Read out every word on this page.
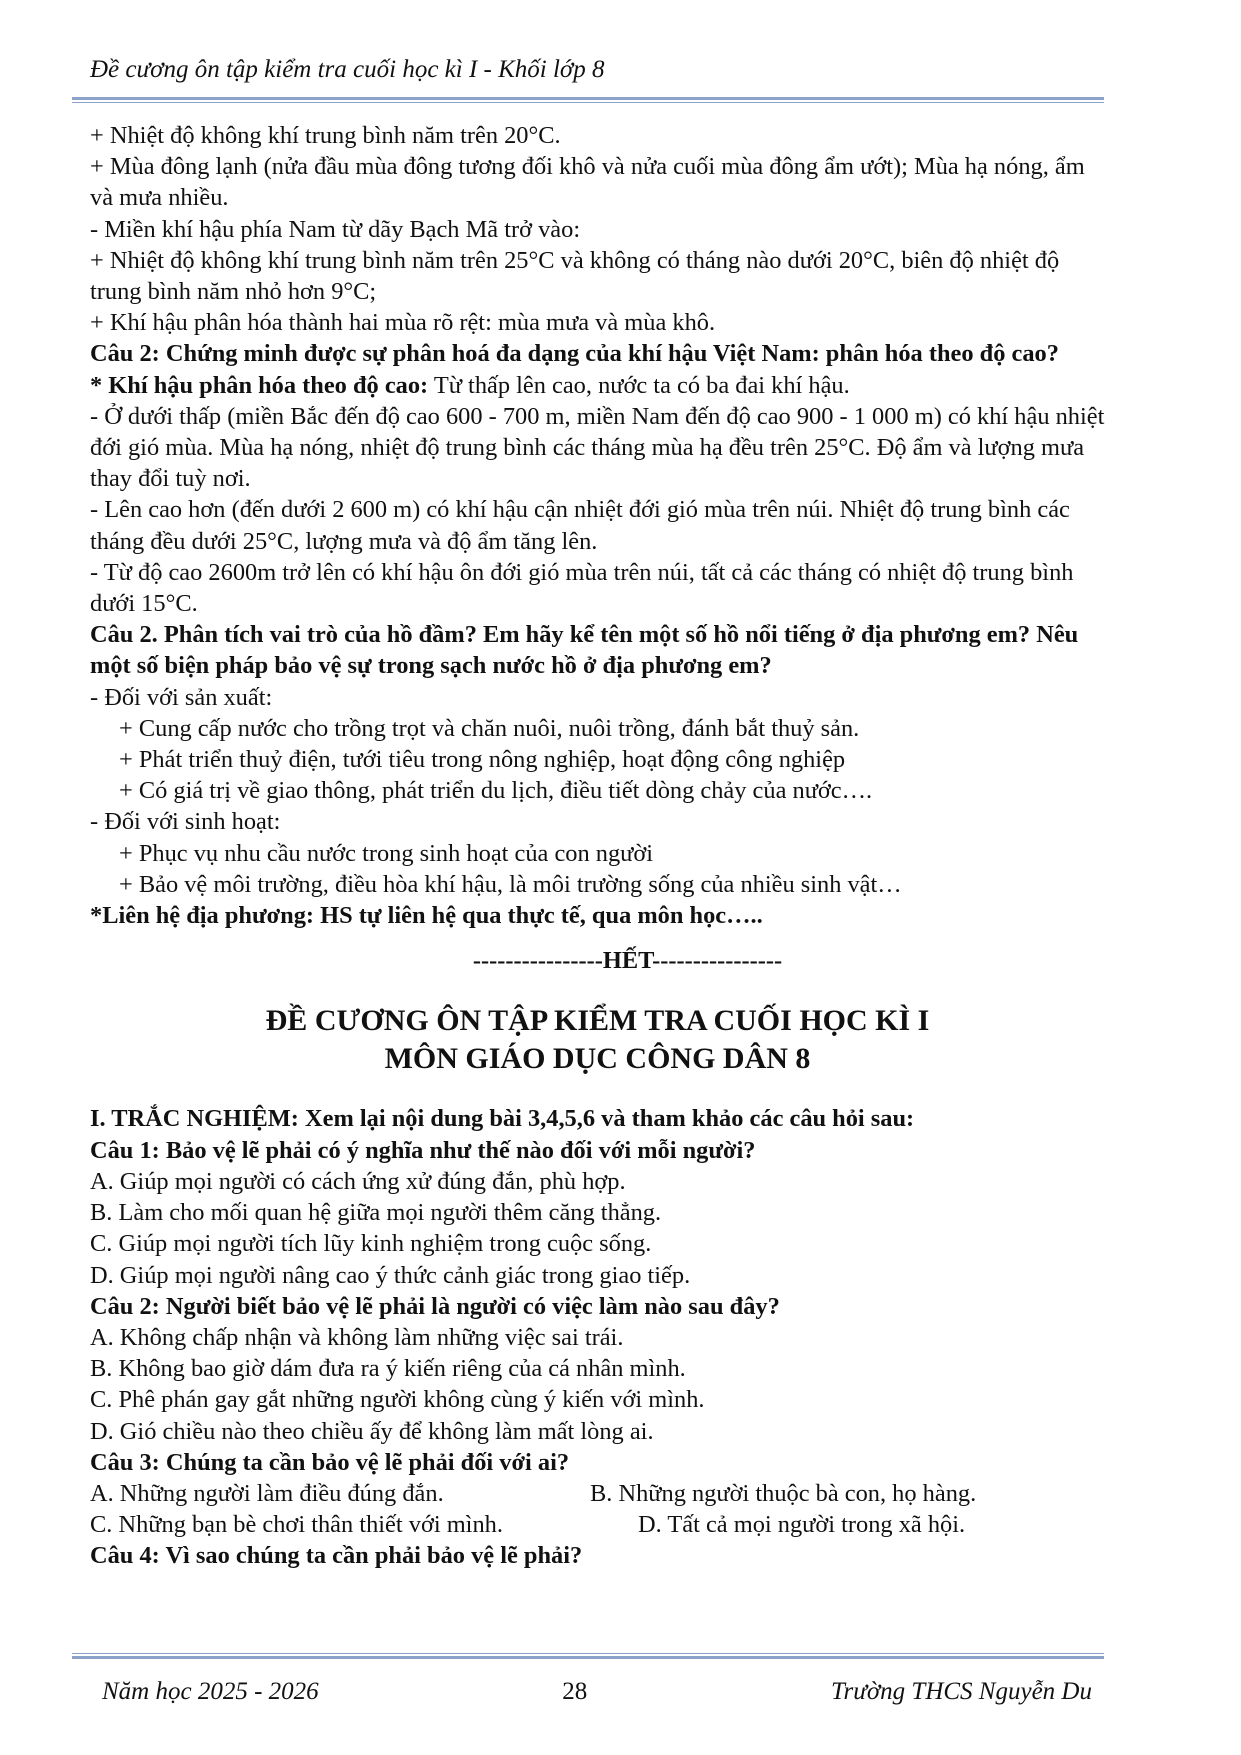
Đề cương ôn tập kiểm tra cuối học kì I - Khối lớp 8

+ Nhiệt độ không khí trung bình năm trên 20°C.

+ Mùa đông lạnh (nửa đầu mùa đông tương đối khô và nửa cuối mùa đông ẩm ướt); Mùa hạ nóng, ẩm và mưa nhiều.

- Miền khí hậu phía Nam từ dãy Bạch Mã trở vào:

+ Nhiệt độ không khí trung bình năm trên 25°C và không có tháng nào dưới 20°C, biên độ nhiệt độ trung bình năm nhỏ hơn 9°C;

+ Khí hậu phân hóa thành hai mùa rõ rệt: mùa mưa và mùa khô.

Câu 2: Chứng minh được sự phân hoá đa dạng của khí hậu Việt Nam: phân hóa theo độ cao?

* Khí hậu phân hóa theo độ cao: Từ thấp lên cao, nước ta có ba đai khí hậu.

- Ở dưới thấp (miền Bắc đến độ cao 600 - 700 m, miền Nam đến độ cao 900 - 1 000 m) có khí hậu nhiệt đới gió mùa. Mùa hạ nóng, nhiệt độ trung bình các tháng mùa hạ đều trên 25°C. Độ ẩm và lượng mưa thay đổi tuỳ nơi.

- Lên cao hơn (đến dưới 2 600 m) có khí hậu cận nhiệt đới gió mùa trên núi. Nhiệt độ trung bình các tháng đều dưới 25°C, lượng mưa và độ ẩm tăng lên.

- Từ độ cao 2600m trở lên có khí hậu ôn đới gió mùa trên núi, tất cả các tháng có nhiệt độ trung bình dưới 15°C.

Câu 2. Phân tích vai trò của hồ đầm? Em hãy kể tên một số hồ nổi tiếng ở địa phương em? Nêu một số biện pháp bảo vệ sự trong sạch nước hồ ở địa phương em?

- Đối với sản xuất:

+ Cung cấp nước cho trồng trọt và chăn nuôi, nuôi trồng, đánh bắt thuỷ sản.

+ Phát triển thuỷ điện, tưới tiêu trong nông nghiệp, hoạt động công nghiệp

+ Có giá trị về giao thông, phát triển du lịch, điều tiết dòng chảy của nước….

- Đối với sinh hoạt:

+ Phục vụ nhu cầu nước trong sinh hoạt của con người

+ Bảo vệ môi trường, điều hòa khí hậu, là môi trường sống của nhiều sinh vật…

*Liên hệ địa phương: HS tự liên hệ qua thực tế, qua môn học…..

----------------HẾT----------------

ĐỀ CƯƠNG ÔN TẬP KIỂM TRA CUỐI HỌC KÌ I

MÔN GIÁO DỤC CÔNG DÂN 8

I. TRẮC NGHIỆM: Xem lại nội dung bài 3,4,5,6 và tham khảo các câu hỏi sau:

Câu 1: Bảo vệ lẽ phải có ý nghĩa như thế nào đối với mỗi người?

A. Giúp mọi người có cách ứng xử đúng đắn, phù hợp.

B. Làm cho mối quan hệ giữa mọi người thêm căng thẳng.

C. Giúp mọi người tích lũy kinh nghiệm trong cuộc sống.

D. Giúp mọi người nâng cao ý thức cảnh giác trong giao tiếp.

Câu 2: Người biết bảo vệ lẽ phải là người có việc làm nào sau đây?

A. Không chấp nhận và không làm những việc sai trái.

B. Không bao giờ dám đưa ra ý kiến riêng của cá nhân mình.

C. Phê phán gay gắt những người không cùng ý kiến với mình.

D. Gió chiều nào theo chiều ấy để không làm mất lòng ai.

Câu 3: Chúng ta cần bảo vệ lẽ phải đối với ai?

A. Những người làm điều đúng đắn.	B. Những người thuộc bà con, họ hàng.
C. Những bạn bè chơi thân thiết với mình.	D. Tất cả mọi người trong xã hội.

Câu 4: Vì sao chúng ta cần phải bảo vệ lẽ phải?

Năm học 2025 - 2026	28	Trường THCS Nguyễn Du
